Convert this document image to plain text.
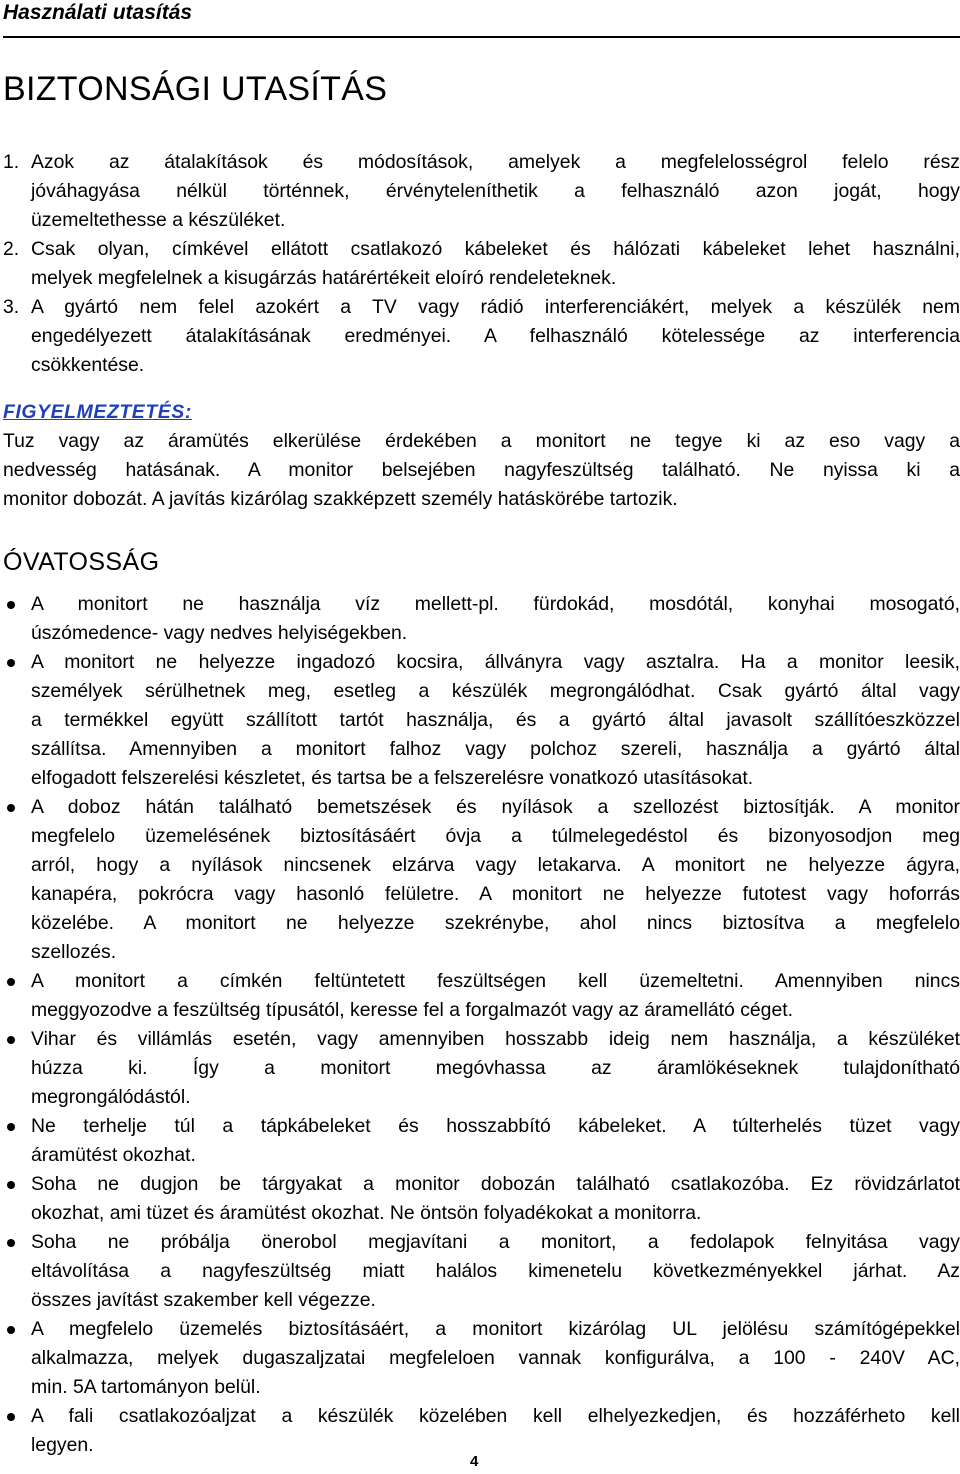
Használati utasítás
BIZTONSÁGI UTASÍTÁS
1. Azok az átalakítások és módosítások, amelyek a megfelelosségrol felelo rész
jóváhagyása nélkül történnek, érvényteleníthetik a felhasználó azon jogát, hogy
üzemeltethesse a készüléket.
2. Csak olyan, címkével ellátott csatlakozó kábeleket és hálózati kábeleket lehet használni,
melyek megfelelnek a kisugárzás határértékeit eloíró rendeleteknek.
3. A gyártó nem felel azokért a TV vagy rádió interferenciákért, melyek a készülék nem
engedélyezett átalakításának eredményei. A felhasználó kötelessége az interferencia
csökkentése.
FIGYELMEZTETÉS:
Tuz vagy az áramütés elkerülése érdekében a monitort ne tegye ki az eso vagy a
nedvesség hatásának. A monitor belsejében nagyfeszültség található. Ne nyissa ki a
monitor dobozát. A javítás kizárólag szakképzett személy hatáskörébe tartozik.
ÓVATOSSÁG
A monitort ne használja víz mellett-pl. fürdokád, mosdótál, konyhai mosogató,
úszómedence- vagy nedves helyiségekben.
A monitort ne helyezze ingadozó kocsira, állványra vagy asztalra. Ha a monitor leesik,
személyek sérülhetnek meg, esetleg a készülék megrongálódhat. Csak gyártó által vagy
a termékkel együtt szállított tartót használja, és a gyártó által javasolt szállítóeszközzel
szállítsa. Amennyiben a monitort falhoz vagy polchoz szereli, használja a gyártó által
elfogadott felszerelési készletet, és tartsa be a felszerelésre vonatkozó utasításokat.
A doboz hátán található bemetszések és nyílások a szellozést biztosítják. A monitor
megfelelo üzemelésének biztosításáért óvja a túlmelegedéstol és bizonyosodjon meg
arról, hogy a nyílások nincsenek elzárva vagy letakarva. A monitort ne helyezze ágyra,
kanapéra, pokrócra vagy hasonló felületre. A monitort ne helyezze futotest vagy hoforrás
közelébe. A monitort ne helyezze szekrénybe, ahol nincs biztosítva a megfelelo
szellozés.
A monitort a címkén feltüntetett feszültségen kell üzemeltetni. Amennyiben nincs
meggyozodve a feszültség típusától, keresse fel a forgalmazót vagy az áramellátó céget.
Vihar és villámlás esetén, vagy amennyiben hosszabb ideig nem használja, a készüléket
húzza ki. Így a monitort megóvhassa az áramlökéseknek tulajdonítható
megrongálódástól.
Ne terhelje túl a tápkábeleket és hosszabbító kábeleket. A túlterhelés tüzet vagy
áramütést okozhat.
Soha ne dugjon be tárgyakat a monitor dobozán található csatlakozóba. Ez rövidzárlatot
okozhat, ami tüzet és áramütést okozhat. Ne öntsön folyadékokat a monitorra.
Soha ne próbálja önerobol megjavítani a monitort, a fedolapok felnyitása vagy
eltávolítása a nagyfeszültség miatt halálos kimenetelu következményekkel járhat. Az
összes javítást szakember kell végezze.
A megfelelo üzemelés biztosításáért, a monitort kizárólag UL jelölésu számítógépekkel
alkalmazza, melyek dugaszaljzatai megfeleloen vannak konfigurálva, a 100 - 240V AC,
min. 5A tartományon belül.
A fali csatlakozóaljzat a készülék közelében kell elhelyezkedjen, és hozzáférheto kell
legyen.
4
